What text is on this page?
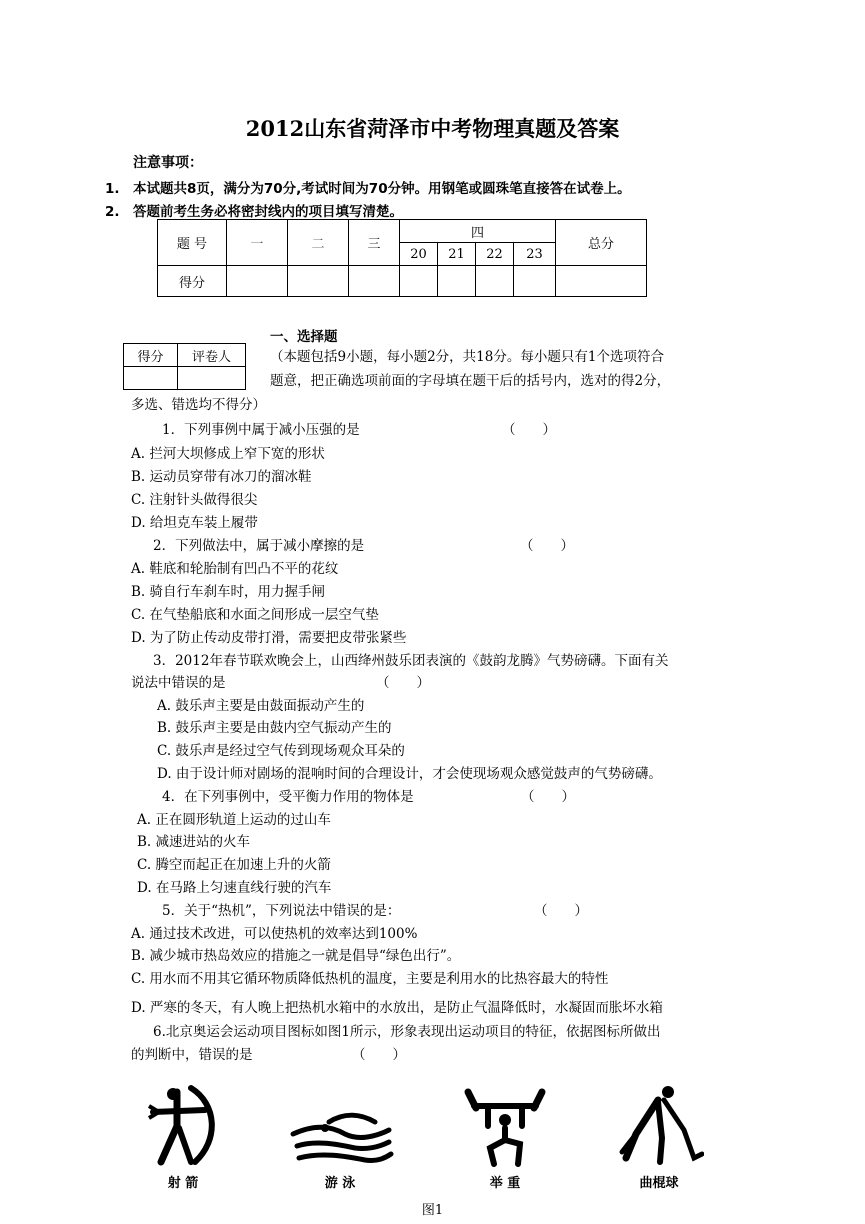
2012山东省菏泽市中考物理真题及答案
注意事项：
1. 本试题共8页，满分为70分,考试时间为70分钟。用钢笔或圆珠笔直接答在试卷上。
2. 答题前考生务必将密封线内的项目填写清楚。
题 号	一	二	三	四				总分
				20	21	22	23	
得分								
一、选择题
得分	评卷人
		（本题包括9小题，每小题2分，共18分。每小题只有1个选项符合
题意，把正确选项前面的字母填在题干后的括号内，选对的得2分，
多选、错选均不得分）
1．下列事例中属于减小压强的是	（　　）
A. 拦河大坝修成上窄下宽的形状
B. 运动员穿带有冰刀的溜冰鞋
C. 注射针头做得很尖
D. 给坦克车装上履带
2．下列做法中，属于减小摩擦的是	（　　）
A. 鞋底和轮胎制有凹凸不平的花纹
B. 骑自行车刹车时，用力握手闸
C. 在气垫船底和水面之间形成一层空气垫
D. 为了防止传动皮带打滑，需要把皮带张紧些
3．2012年春节联欢晚会上，山西绛州鼓乐团表演的《鼓韵龙腾》气势磅礴。下面有关
说法中错误的是	（　　）
A. 鼓乐声主要是由鼓面振动产生的
B. 鼓乐声主要是由鼓内空气振动产生的
C. 鼓乐声是经过空气传到现场观众耳朵的
D. 由于设计师对剧场的混响时间的合理设计，才会使现场观众感觉鼓声的气势磅礴。
4．在下列事例中，受平衡力作用的物体是	（　　）
A. 正在圆形轨道上运动的过山车
B. 减速进站的火车
C. 腾空而起正在加速上升的火箭
D. 在马路上匀速直线行驶的汽车
5．关于“热机”，下列说法中错误的是：	（　　）
A. 通过技术改进，可以使热机的效率达到100%
B. 减少城市热岛效应的措施之一就是倡导“绿色出行”。
C. 用水而不用其它循环物质降低热机的温度，主要是利用水的比热容最大的特性
D. 严寒的冬天，有人晚上把热机水箱中的水放出，是防止气温降低时，水凝固而胀坏水箱
6.北京奥运会运动项目图标如图1所示，形象表现出运动项目的特征，依据图标所做出
的判断中，错误的是	（　　）
射 箭	游 泳	举 重	曲棍球
图1
